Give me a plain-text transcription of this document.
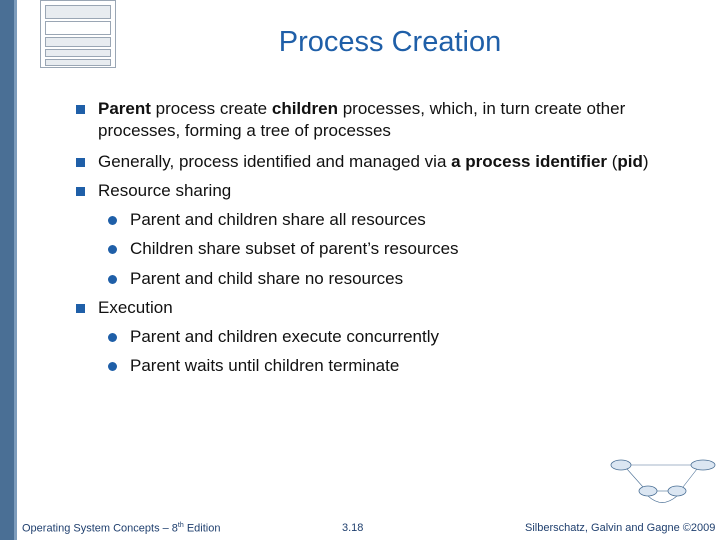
Process Creation
Parent process create children processes, which, in turn create other
processes, forming a tree of processes
Generally, process identified and managed via a process identifier (pid)
Resource sharing
Parent and children share all resources
Children share subset of parent’s resources
Parent and child share no resources
Execution
Parent and children execute concurrently
Parent waits until children terminate
Operating System Concepts – 8th Edition	3.18	Silberschatz, Galvin and Gagne ©2009
